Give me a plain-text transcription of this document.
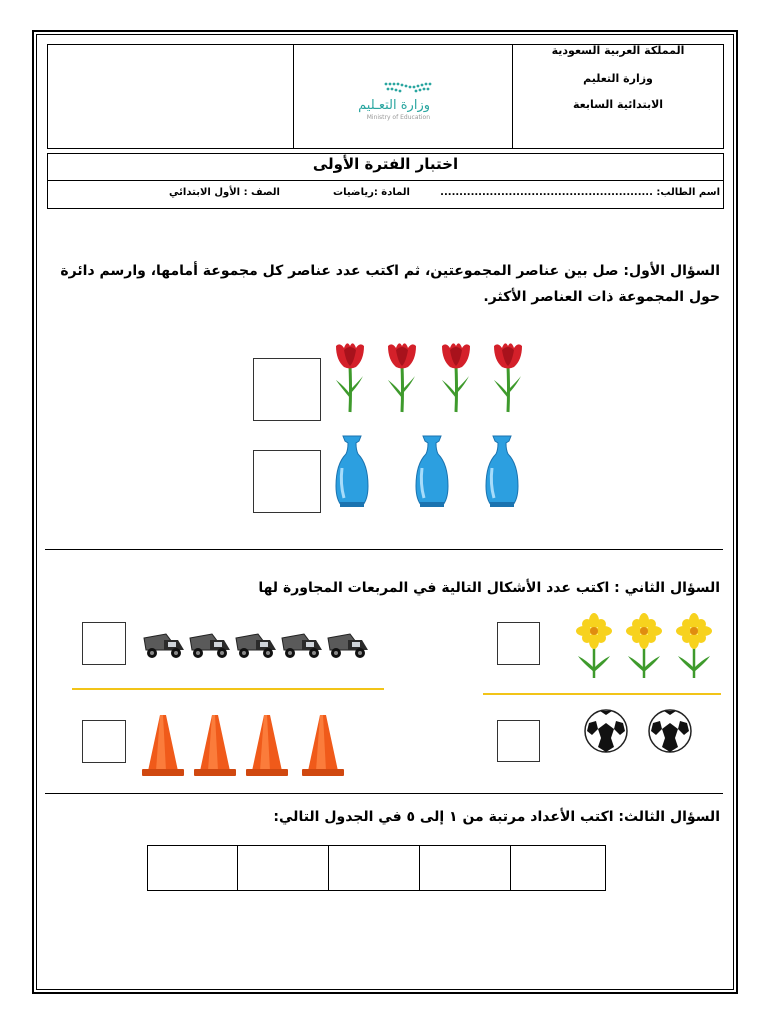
المملكة العربية السعودية
وزارة التعليم
الابتدائية السابعة
وزارة التعـليم
Ministry of Education
اختبار الفترة الأولى
اسم الطالب: ........................................................
المادة :رياضيات
الصف : الأول الابتدائي
السؤال الأول: صل بين عناصر المجموعتين، ثم اكتب عدد عناصر كل مجموعة أمامها، وارسم دائرة
حول المجموعة ذات العناصر الأكثر.
السؤال الثاني : اكتب عدد الأشكال التالية في المربعات المجاورة لها
السؤال الثالث: اكتب الأعداد مرتبة من ١ إلى ٥ في الجدول التالي:
